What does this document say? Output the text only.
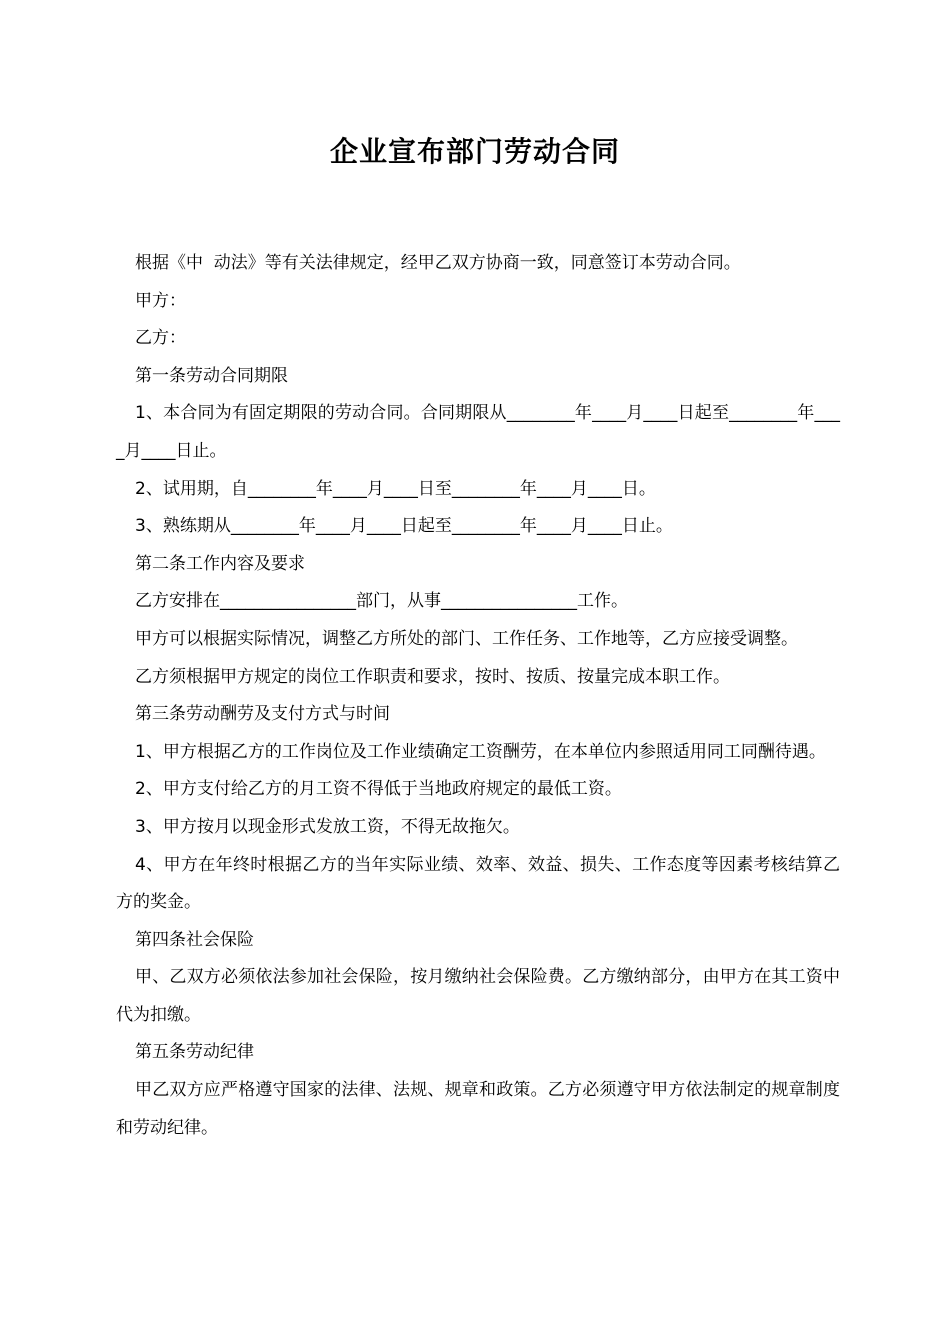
企业宣布部门劳动合同

根据《中  动法》等有关法律规定，经甲乙双方协商一致，同意签订本劳动合同。

甲方：

乙方：

第一条劳动合同期限

1、本合同为有固定期限的劳动合同。合同期限从________年____月____日起至________年____月____日止。

2、试用期，自________年____月____日至________年____月____日。

3、熟练期从________年____月____日起至________年____月____日止。

第二条工作内容及要求

乙方安排在________________部门，从事________________工作。

甲方可以根据实际情况，调整乙方所处的部门、工作任务、工作地等，乙方应接受调整。

乙方须根据甲方规定的岗位工作职责和要求，按时、按质、按量完成本职工作。

第三条劳动酬劳及支付方式与时间

1、甲方根据乙方的工作岗位及工作业绩确定工资酬劳，在本单位内参照适用同工同酬待遇。

2、甲方支付给乙方的月工资不得低于当地政府规定的最低工资。

3、甲方按月以现金形式发放工资，不得无故拖欠。

4、甲方在年终时根据乙方的当年实际业绩、效率、效益、损失、工作态度等因素考核结算乙方的奖金。

第四条社会保险

甲、乙双方必须依法参加社会保险，按月缴纳社会保险费。乙方缴纳部分，由甲方在其工资中代为扣缴。

第五条劳动纪律

甲乙双方应严格遵守国家的法律、法规、规章和政策。乙方必须遵守甲方依法制定的规章制度和劳动纪律。
